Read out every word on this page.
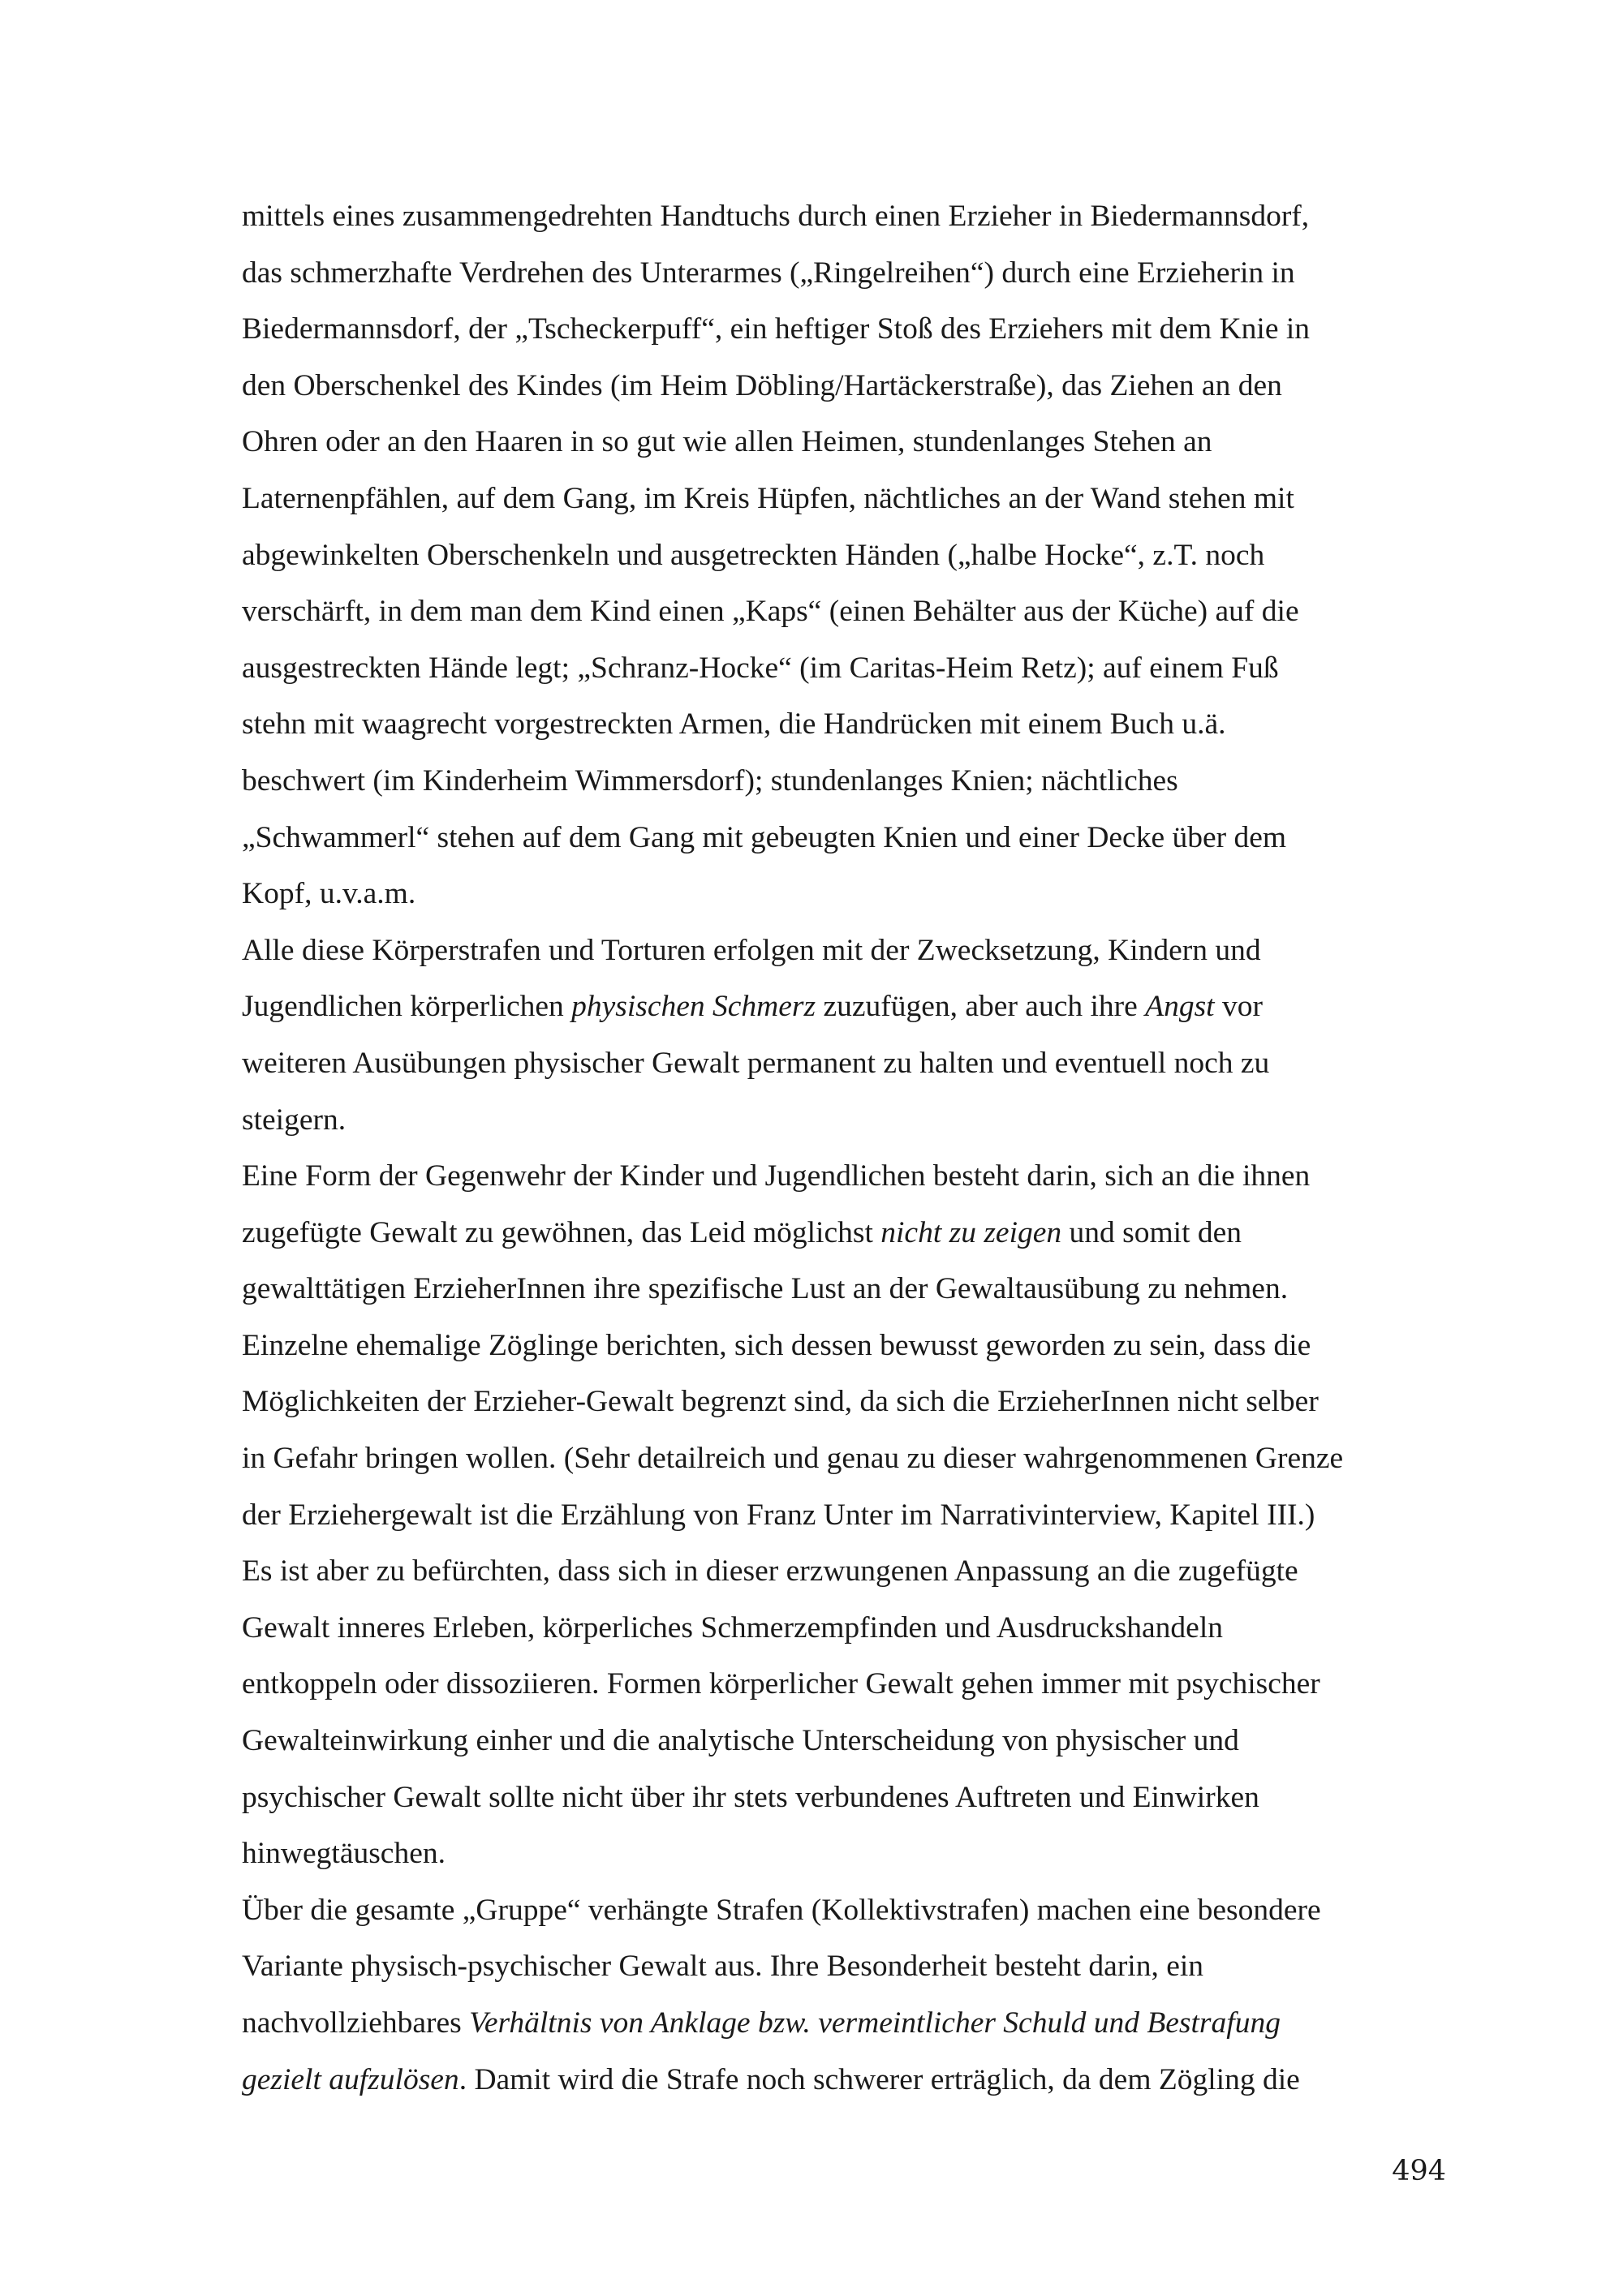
mittels eines zusammengedrehten Handtuchs durch einen Erzieher in Biedermannsdorf,
das schmerzhafte Verdrehen des Unterarmes („Ringelreihen“) durch eine Erzieherin in
Biedermannsdorf, der „Tscheckerpuff“, ein heftiger Stoß des Erziehers mit dem Knie in
den Oberschenkel des Kindes (im Heim Döbling/Hartäckerstraße), das Ziehen an den
Ohren oder an den Haaren in so gut wie allen Heimen, stundenlanges Stehen an
Laternenpfählen, auf dem Gang, im Kreis Hüpfen, nächtliches an der Wand stehen mit
abgewinkelten Oberschenkeln und ausgetreckten Händen („halbe Hocke“, z.T. noch
verschärft, in dem man dem Kind einen „Kaps“ (einen Behälter aus der Küche) auf die
ausgestreckten Hände legt; „Schranz-Hocke“ (im Caritas-Heim Retz); auf einem Fuß
stehn mit waagrecht vorgestreckten Armen, die Handrücken mit einem Buch u.ä.
beschwert (im Kinderheim Wimmersdorf); stundenlanges Knien; nächtliches
„Schwammerl“ stehen auf dem Gang mit gebeugten Knien und einer Decke über dem
Kopf, u.v.a.m.
Alle diese Körperstrafen und Torturen erfolgen mit der Zwecksetzung, Kindern und
Jugendlichen körperlichen physischen Schmerz zuzufügen, aber auch ihre Angst vor
weiteren Ausübungen physischer Gewalt permanent zu halten und eventuell noch zu
steigern.
Eine Form der Gegenwehr der Kinder und Jugendlichen besteht darin, sich an die ihnen
zugefügte Gewalt zu gewöhnen, das Leid möglichst nicht zu zeigen und somit den
gewalttätigen ErzieherInnen ihre spezifische Lust an der Gewaltausübung zu nehmen.
Einzelne ehemalige Zöglinge berichten, sich dessen bewusst geworden zu sein, dass die
Möglichkeiten der Erzieher-Gewalt begrenzt sind, da sich die ErzieherInnen nicht selber
in Gefahr bringen wollen. (Sehr detailreich und genau zu dieser wahrgenommenen Grenze
der Erziehergewalt ist die Erzählung von Franz Unter im Narrativinterview, Kapitel III.)
Es ist aber zu befürchten, dass sich in dieser erzwungenen Anpassung an die zugefügte
Gewalt inneres Erleben, körperliches Schmerzempfinden und Ausdruckshandeln
entkoppeln oder dissoziieren. Formen körperlicher Gewalt gehen immer mit psychischer
Gewalteinwirkung einher und die analytische Unterscheidung von physischer und
psychischer Gewalt sollte nicht über ihr stets verbundenes Auftreten und Einwirken
hinwegtäuschen.
Über die gesamte „Gruppe“ verhängte Strafen (Kollektivstrafen) machen eine besondere
Variante physisch-psychischer Gewalt aus. Ihre Besonderheit besteht darin, ein
nachvollziehbares Verhältnis von Anklage bzw. vermeintlicher Schuld und Bestrafung
gezielt aufzulösen. Damit wird die Strafe noch schwerer erträglich, da dem Zögling die
494
